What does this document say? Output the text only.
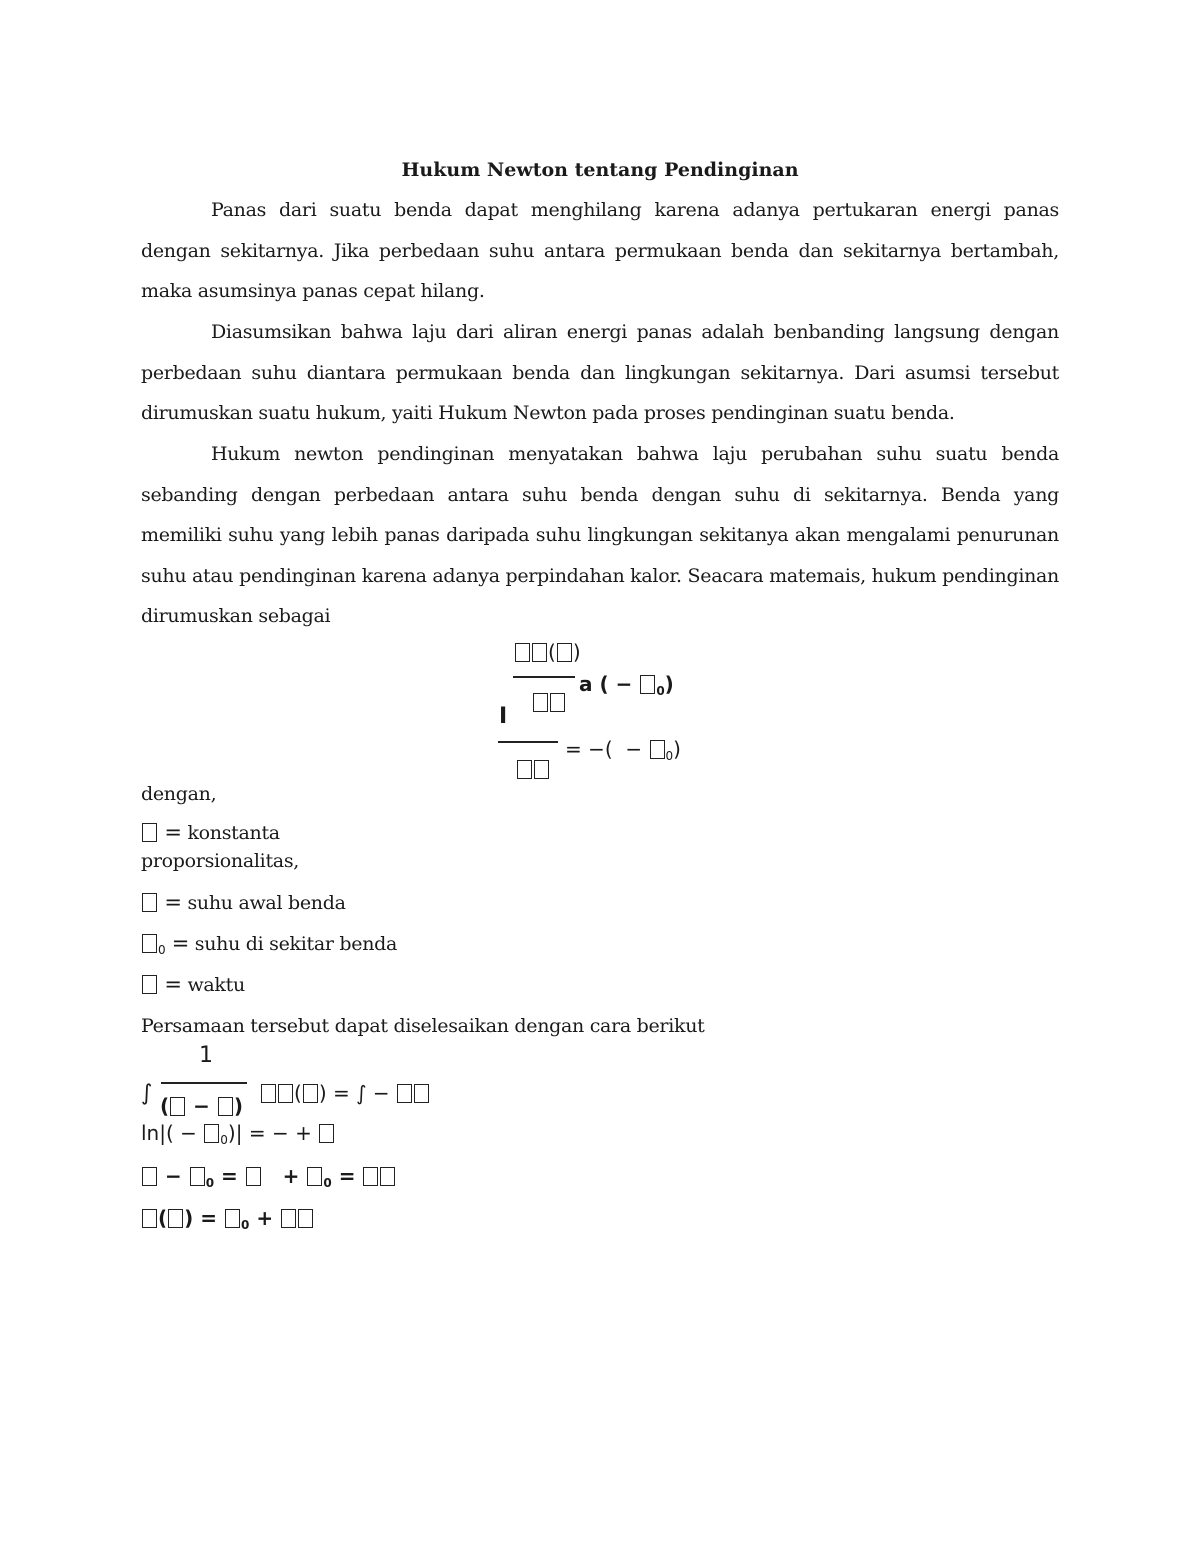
Hukum Newton tentang Pendinginan

Panas dari suatu benda dapat menghilang karena adanya pertukaran energi panas dengan sekitarnya. Jika perbedaan suhu antara permukaan benda dan sekitarnya bertambah, maka asumsinya panas cepat hilang.

Diasumsikan bahwa laju dari aliran energi panas adalah benbanding langsung dengan perbedaan suhu diantara permukaan benda dan lingkungan sekitarnya. Dari asumsi tersebut dirumuskan suatu hukum, yaiti Hukum Newton pada proses pendinginan suatu benda.

Hukum newton pendinginan menyatakan bahwa laju perubahan suhu suatu benda sebanding dengan perbedaan antara suhu benda dengan suhu di sekitarnya. Benda yang memiliki suhu yang lebih panas daripada suhu lingkungan sekitanya akan mengalami penurunan suhu atau pendinginan karena adanya perpindahan kalor. Seacara matemais, hukum pendinginan dirumuskan sebagai

( )
a ( − $_0$)
I
= −( − $_0$)
dengan,
= konstanta
proporsionalitas,
= suhu awal benda
$_0$ = suhu di sekitar benda
= waktu
Persamaan tersebut dapat diselesaikan dengan cara berikut
1
∫ ( − )
( ) = ∫ −
ln|( − $_0$)| = − +
− $_0$ = + $_0$ =
( ) = $_0$ +
